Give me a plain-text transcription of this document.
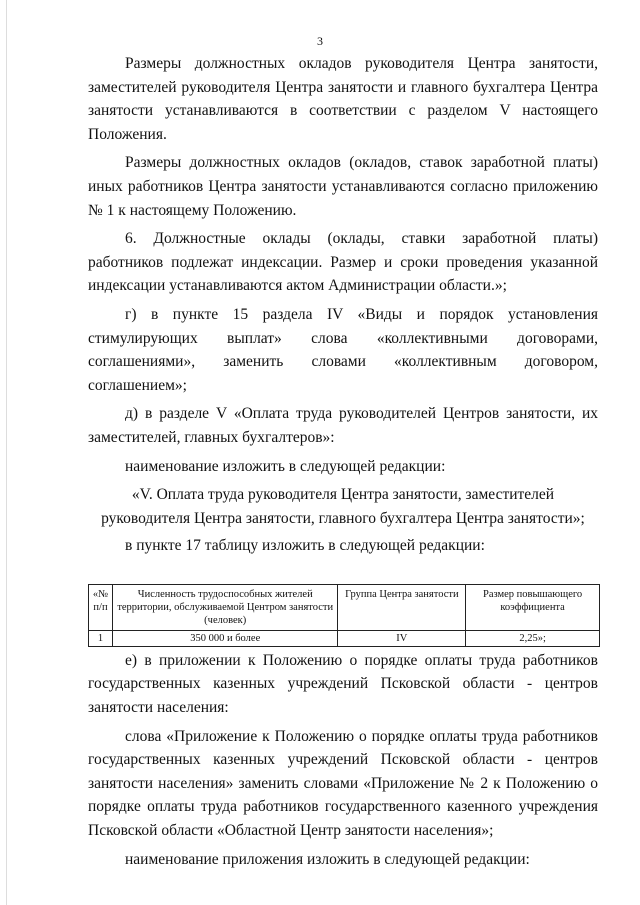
3

Размеры должностных окладов руководителя Центра занятости, заместителей руководителя Центра занятости и главного бухгалтера Центра занятости устанавливаются в соответствии с разделом V настоящего Положения.

Размеры должностных окладов (окладов, ставок заработной платы) иных работников Центра занятости устанавливаются согласно приложению № 1 к настоящему Положению.

6. Должностные оклады (оклады, ставки заработной платы) работников подлежат индексации. Размер и сроки проведения указанной индексации устанавливаются актом Администрации области.»;

г) в пункте 15 раздела IV «Виды и порядок установления стимулирующих выплат» слова «коллективными договорами, соглашениями», заменить словами «коллективным договором, соглашением»;

д) в разделе V «Оплата труда руководителей Центров занятости, их заместителей, главных бухгалтеров»:

наименование изложить в следующей редакции:

«V. Оплата труда руководителя Центра занятости, заместителей руководителя Центра занятости, главного бухгалтера Центра занятости»;

в пункте 17 таблицу изложить в следующей редакции:

«№ п/п	Численность трудоспособных жителей территории, обслуживаемой Центром занятости (человек)	Группа Центра занятости	Размер повышающего коэффициента
1	350 000 и более	IV	2,25»;

е) в приложении к Положению о порядке оплаты труда работников государственных казенных учреждений Псковской области - центров занятости населения:

слова «Приложение к Положению о порядке оплаты труда работников государственных казенных учреждений Псковской области - центров занятости населения» заменить словами «Приложение № 2 к Положению о порядке оплаты труда работников государственного казенного учреждения Псковской области «Областной Центр занятости населения»;

наименование приложения изложить в следующей редакции:
